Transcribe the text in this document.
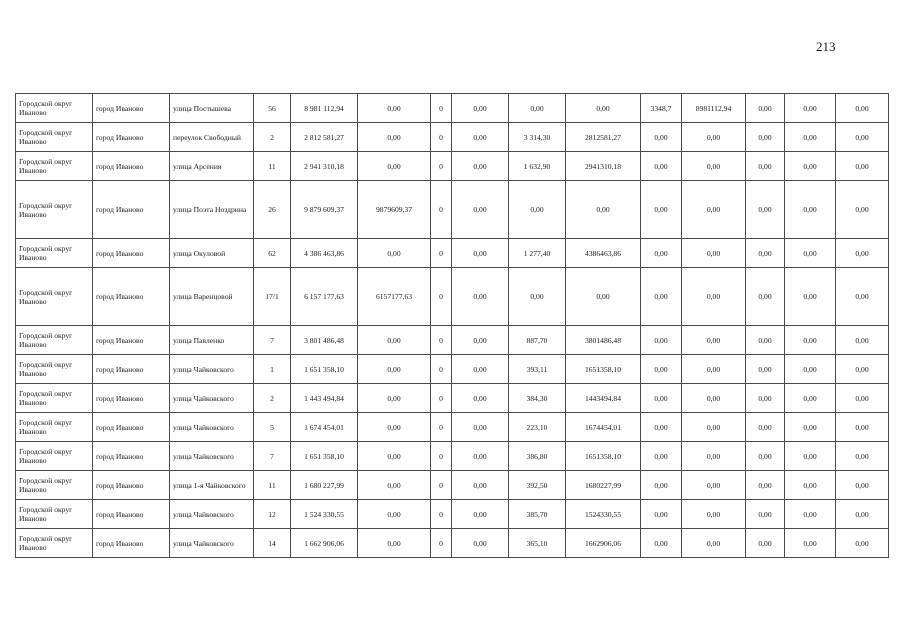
213
Городской округ Иваново	город Иваново	улица Постышева	56	8 981 112,94	0,00	0	0,00	0,00	0,00	3348,7	8981112,94	0,00	0,00	0,00
Городской округ Иваново	город Иваново	переулок Свободный	2	2 812 581,27	0,00	0	0,00	3 314,30	2812581,27	0,00	0,00	0,00	0,00	0,00
Городской округ Иваново	город Иваново	улица Арсения	11	2 941 310,18	0,00	0	0,00	1 632,90	2941310,18	0,00	0,00	0,00	0,00	0,00
Городской округ Иваново	город Иваново	улица Поэта Ноздрина	26	9 879 609,37	9879609,37	0	0,00	0,00	0,00	0,00	0,00	0,00	0,00	0,00
Городской округ Иваново	город Иваново	улица Окуловой	62	4 386 463,86	0,00	0	0,00	1 277,40	4386463,86	0,00	0,00	0,00	0,00	0,00
Городской округ Иваново	город Иваново	улица Варенцовой	17/1	6 157 177,63	6157177,63	0	0,00	0,00	0,00	0,00	0,00	0,00	0,00	0,00
Городской округ Иваново	город Иваново	улица Павленко	7	3 801 486,48	0,00	0	0,00	887,70	3801486,48	0,00	0,00	0,00	0,00	0,00
Городской округ Иваново	город Иваново	улица Чайковского	1	1 651 358,10	0,00	0	0,00	393,11	1651358,10	0,00	0,00	0,00	0,00	0,00
Городской округ Иваново	город Иваново	улица Чайковского	2	1 443 494,84	0,00	0	0,00	384,30	1443494,84	0,00	0,00	0,00	0,00	0,00
Городской округ Иваново	город Иваново	улица Чайковского	5	1 674 454,01	0,00	0	0,00	223,10	1674454,01	0,00	0,00	0,00	0,00	0,00
Городской округ Иваново	город Иваново	улица Чайковского	7	1 651 358,10	0,00	0	0,00	386,80	1651358,10	0,00	0,00	0,00	0,00	0,00
Городской округ Иваново	город Иваново	улица 1-я Чайковского	11	1 680 227,99	0,00	0	0,00	392,50	1680227,99	0,00	0,00	0,00	0,00	0,00
Городской округ Иваново	город Иваново	улица Чайковского	12	1 524 330,55	0,00	0	0,00	385,70	1524330,55	0,00	0,00	0,00	0,00	0,00
Городской округ Иваново	город Иваново	улица Чайковского	14	1 662 906,06	0,00	0	0,00	365,10	1662906,06	0,00	0,00	0,00	0,00	0,00
